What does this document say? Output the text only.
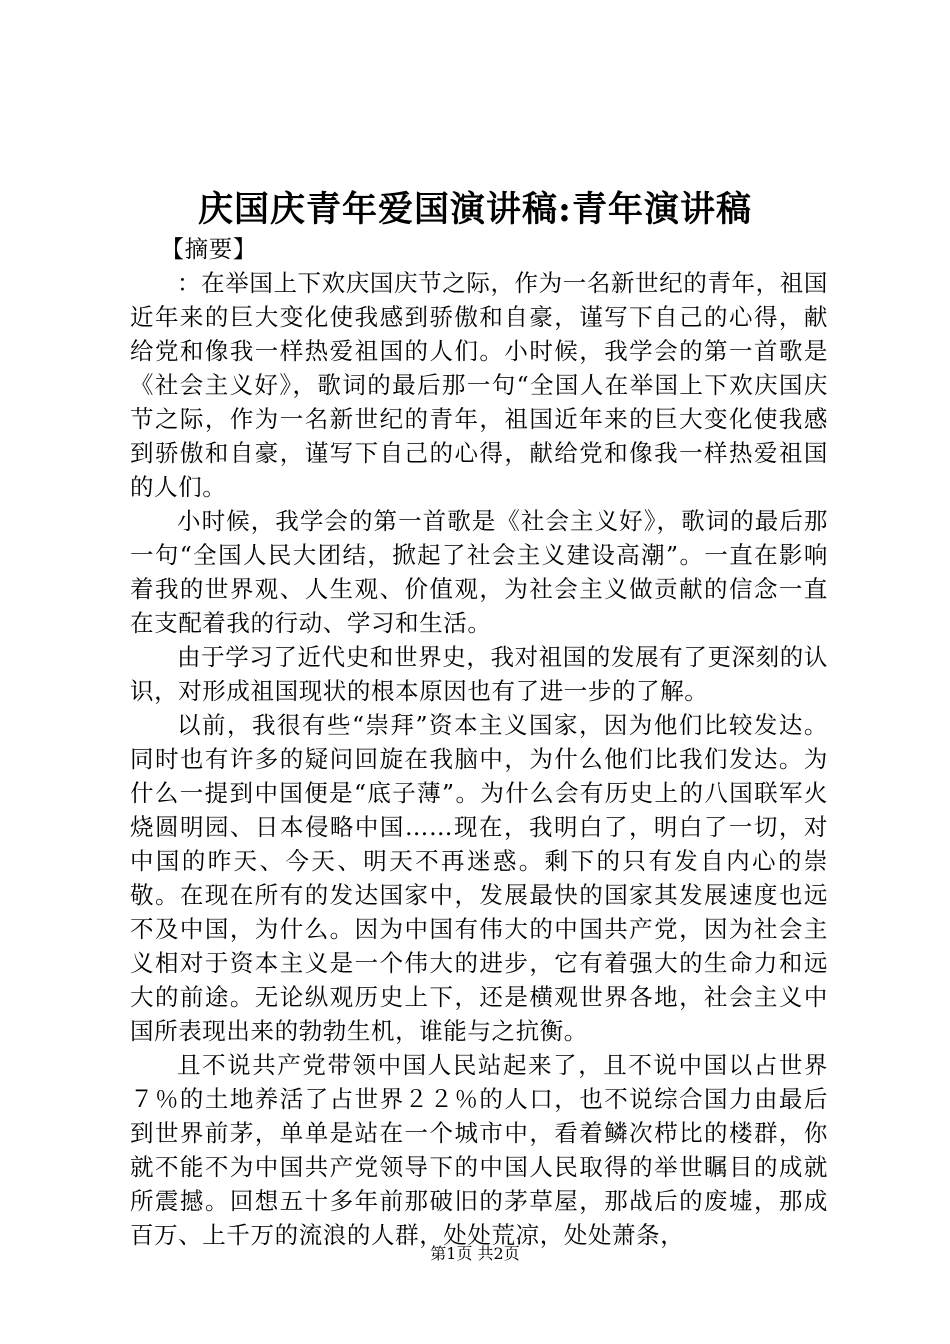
庆国庆青年爱国演讲稿:青年演讲稿

【摘要】

：在举国上下欢庆国庆节之际，作为一名新世纪的青年，祖国近年来的巨大变化使我感到骄傲和自豪，谨写下自己的心得，献给党和像我一样热爱祖国的人们。小时候，我学会的第一首歌是《社会主义好》，歌词的最后那一句“全国人在举国上下欢庆国庆节之际，作为一名新世纪的青年，祖国近年来的巨大变化使我感到骄傲和自豪，谨写下自己的心得，献给党和像我一样热爱祖国的人们。

小时候，我学会的第一首歌是《社会主义好》，歌词的最后那一句“全国人民大团结，掀起了社会主义建设高潮”。一直在影响着我的世界观、人生观、价值观，为社会主义做贡献的信念一直在支配着我的行动、学习和生活。

由于学习了近代史和世界史，我对祖国的发展有了更深刻的认识，对形成祖国现状的根本原因也有了进一步的了解。

以前，我很有些“崇拜”资本主义国家，因为他们比较发达。同时也有许多的疑问回旋在我脑中，为什么他们比我们发达。为什么一提到中国便是“底子薄”。为什么会有历史上的八国联军火烧圆明园、日本侵略中国……现在，我明白了，明白了一切，对中国的昨天、今天、明天不再迷惑。剩下的只有发自内心的崇敬。在现在所有的发达国家中，发展最快的国家其发展速度也远不及中国，为什么。因为中国有伟大的中国共产党，因为社会主义相对于资本主义是一个伟大的进步，它有着强大的生命力和远大的前途。无论纵观历史上下，还是横观世界各地，社会主义中国所表现出来的勃勃生机，谁能与之抗衡。

且不说共产党带领中国人民站起来了，且不说中国以占世界７％的土地养活了占世界２２％的人口，也不说综合国力由最后到世界前茅，单单是站在一个城市中，看着鳞次栉比的楼群，你就不能不为中国共产党领导下的中国人民取得的举世瞩目的成就所震撼。回想五十多年前那破旧的茅草屋，那战后的废墟，那成百万、上千万的流浪的人群，处处荒凉，处处萧条，

第1页 共2页
